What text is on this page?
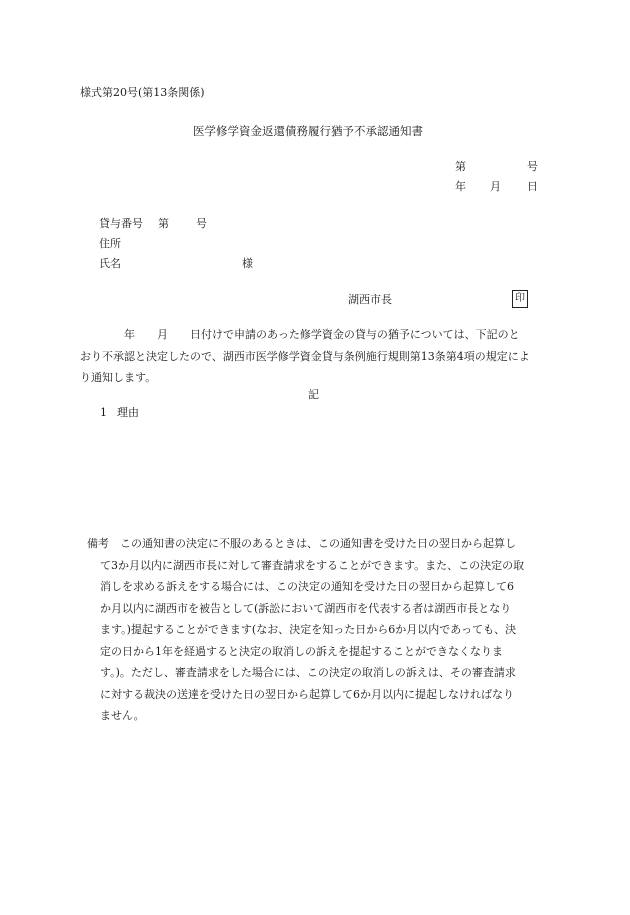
様式第20号(第13条関係)
医学修学資金返還債務履行猶予不承認通知書
第	号
年 月 日
貸与番号 第 号
住所
氏名	様
湖西市長	印
年　　月　　日付けで申請のあった修学資金の貸与の猶予については、下記のと
おり不承認と決定したので、湖西市医学修学資金貸与条例施行規則第13条第4項の規定によ
り通知します。
記
1 理由
備考　 この通知書の決定に不服のあるときは、この通知書を受けた日の翌日から起算し
て3か月以内に湖西市長に対して審査請求をすることができます。また、この決定の取
消しを求める訴えをする場合には、この決定の通知を受けた日の翌日から起算して6
か月以内に湖西市を被告として(訴訟において湖西市を代表する者は湖西市長となり
ます。)提起することができます(なお、決定を知った日から6か月以内であっても、決
定の日から1年を経過すると決定の取消しの訴えを提起することができなくなりま
す。)。ただし、審査請求をした場合には、この決定の取消しの訴えは、その審査請求
に対する裁決の送達を受けた日の翌日から起算して6か月以内に提起しなければなり
ません。
